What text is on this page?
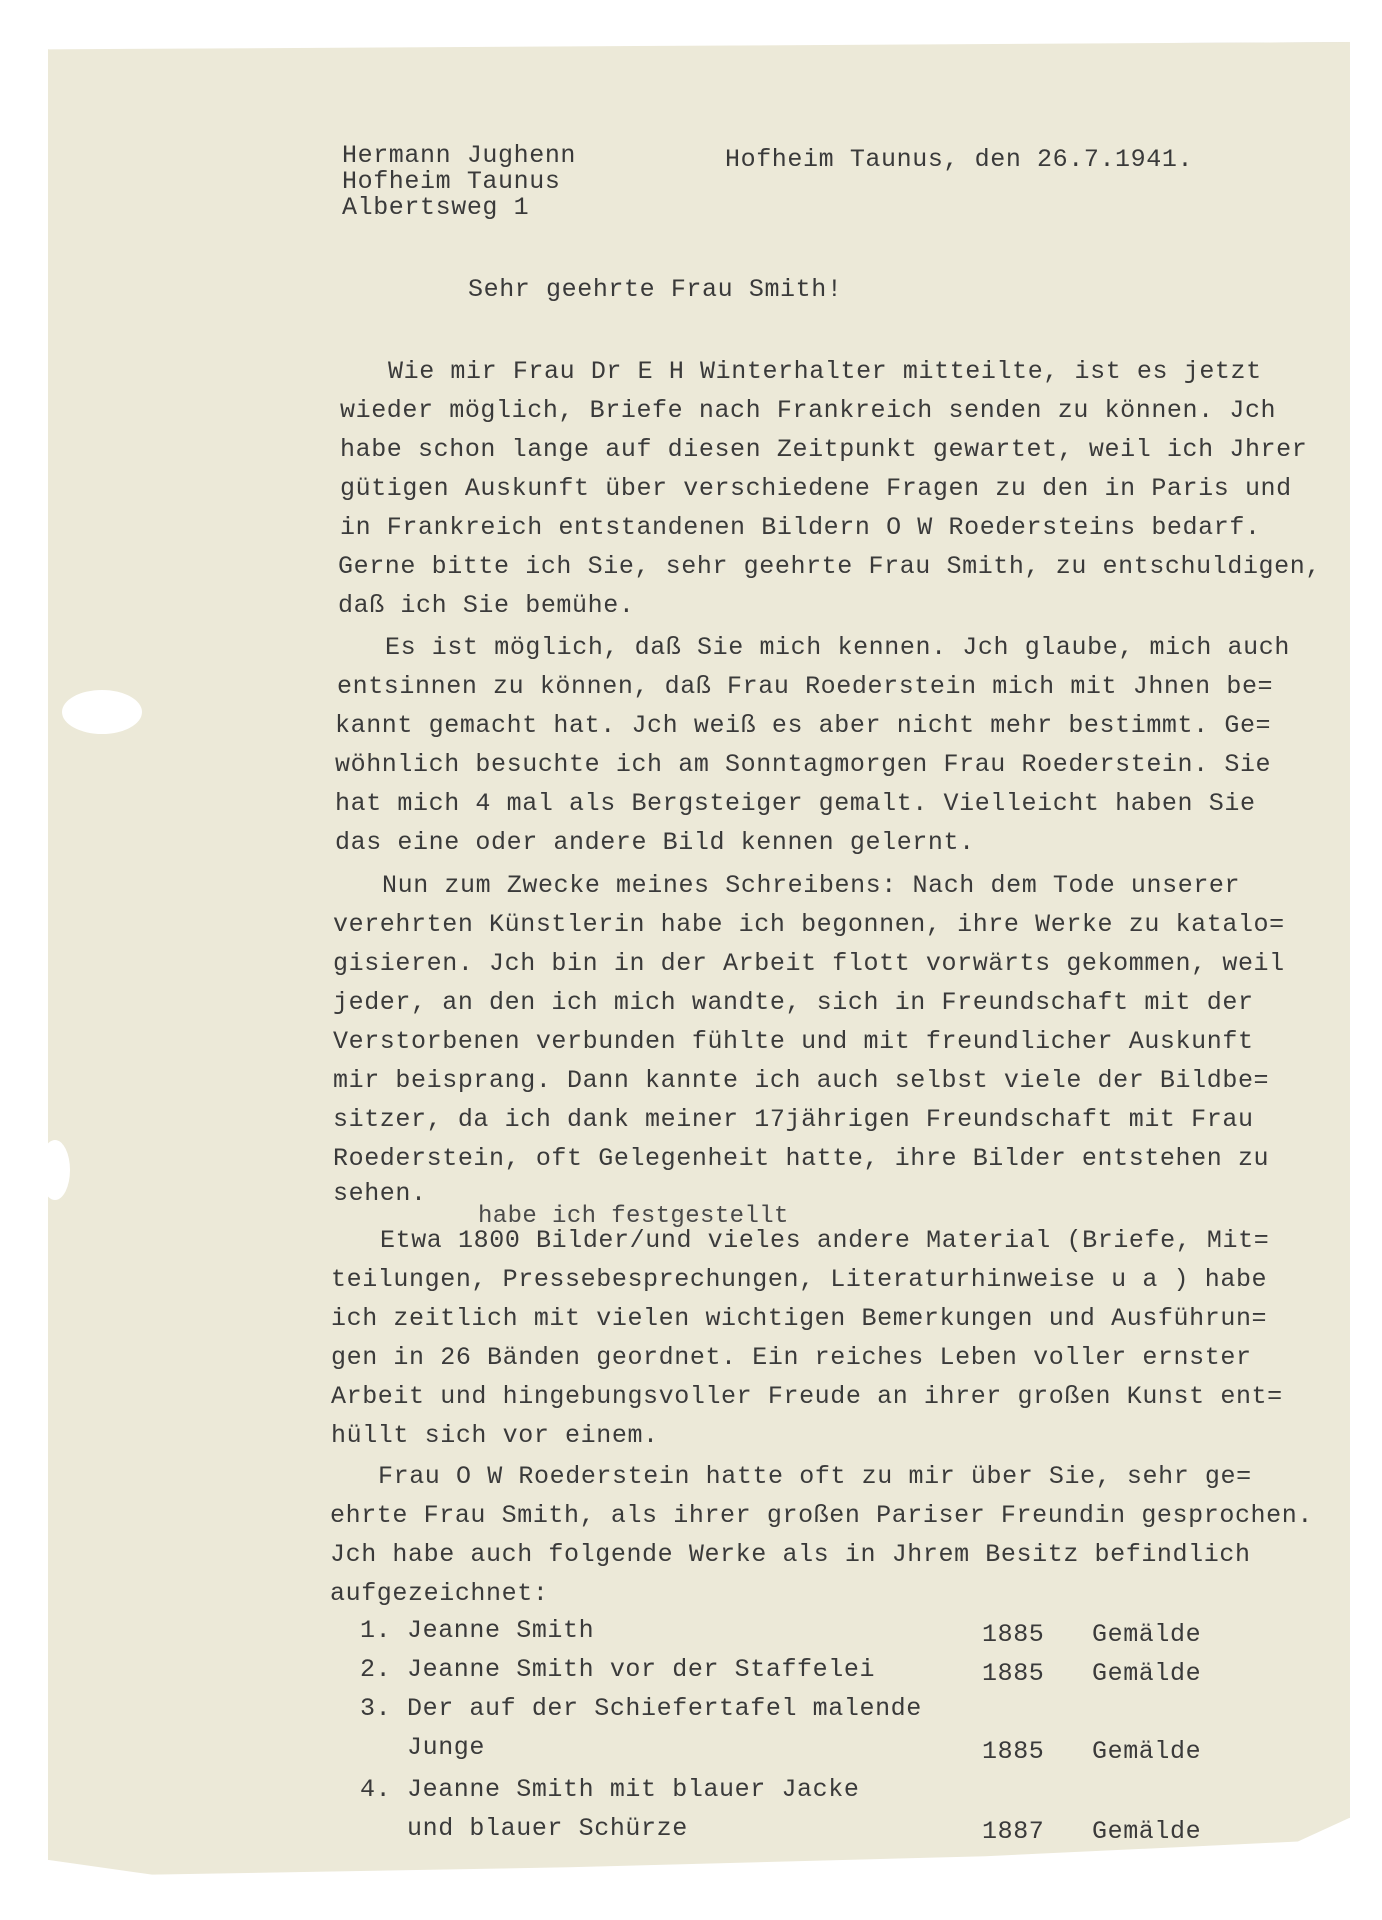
Hermann Jughenn
Hofheim Taunus
Albertsweg 1
Hofheim Taunus, den 26.7.1941.
Sehr geehrte Frau Smith!
Wie mir Frau Dr E H Winterhalter mitteilte, ist es jetzt
wieder möglich, Briefe nach Frankreich senden zu können. Jch
habe schon lange auf diesen Zeitpunkt gewartet, weil ich Jhrer
gütigen Auskunft über verschiedene Fragen zu den in Paris und
in Frankreich entstandenen Bildern O W Roedersteins bedarf.
Gerne bitte ich Sie, sehr geehrte Frau Smith, zu entschuldigen,
daß ich Sie bemühe.
Es ist möglich, daß Sie mich kennen. Jch glaube, mich auch
entsinnen zu können, daß Frau Roederstein mich mit Jhnen be=
kannt gemacht hat. Jch weiß es aber nicht mehr bestimmt. Ge=
wöhnlich besuchte ich am Sonntagmorgen Frau Roederstein. Sie
hat mich 4 mal als Bergsteiger gemalt. Vielleicht haben Sie
das eine oder andere Bild kennen gelernt.
Nun zum Zwecke meines Schreibens: Nach dem Tode unserer
verehrten Künstlerin habe ich begonnen, ihre Werke zu katalo=
gisieren. Jch bin in der Arbeit flott vorwärts gekommen, weil
jeder, an den ich mich wandte, sich in Freundschaft mit der
Verstorbenen verbunden fühlte und mit freundlicher Auskunft
mir beisprang. Dann kannte ich auch selbst viele der Bildbe=
sitzer, da ich dank meiner 17jährigen Freundschaft mit Frau
Roederstein, oft Gelegenheit hatte, ihre Bilder entstehen zu
sehen.
habe ich festgestellt
Etwa 1800 Bilder/und vieles andere Material (Briefe, Mit=
teilungen, Pressebesprechungen, Literaturhinweise u a ) habe
ich zeitlich mit vielen wichtigen Bemerkungen und Ausführun=
gen in 26 Bänden geordnet. Ein reiches Leben voller ernster
Arbeit und hingebungsvoller Freude an ihrer großen Kunst ent=
hüllt sich vor einem.
Frau O W Roederstein hatte oft zu mir über Sie, sehr ge=
ehrte Frau Smith, als ihrer großen Pariser Freundin gesprochen.
Jch habe auch folgende Werke als in Jhrem Besitz befindlich
aufgezeichnet:
1. Jeanne Smith	1885 Gemälde
2. Jeanne Smith vor der Staffelei	1885 Gemälde
3. Der auf der Schiefertafel malende
Junge	1885 Gemälde
4. Jeanne Smith mit blauer Jacke
und blauer Schürze	1887 Gemälde
